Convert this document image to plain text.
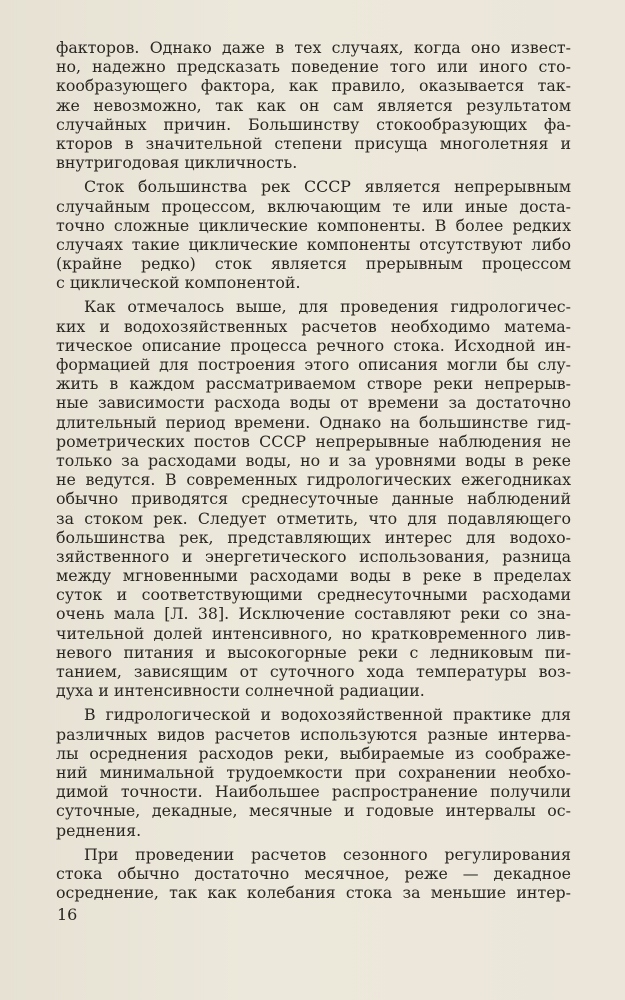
факторов. Однако даже в тех случаях, когда оно извест-
но, надежно предсказать поведение того или иного сто-
кообразующего фактора, как правило, оказывается так-
же невозможно, так как он сам является результатом
случайных причин. Большинству стокообразующих фа-
кторов в значительной степени присуща многолетняя и
внутригодовая цикличность.
Сток большинства рек СССР является непрерывным
случайным процессом, включающим те или иные доста-
точно сложные циклические компоненты. В более редких
случаях такие циклические компоненты отсутствуют либо
(крайне редко) сток является прерывным процессом
с циклической компонентой.
Как отмечалось выше, для проведения гидрологичес-
ких и водохозяйственных расчетов необходимо матема-
тическое описание процесса речного стока. Исходной ин-
формацией для построения этого описания могли бы слу-
жить в каждом рассматриваемом створе реки непрерыв-
ные зависимости расхода воды от времени за достаточно
длительный период времени. Однако на большинстве гид-
рометрических постов СССР непрерывные наблюдения не
только за расходами воды, но и за уровнями воды в реке
не ведутся. В современных гидрологических ежегодниках
обычно приводятся среднесуточные данные наблюдений
за стоком рек. Следует отметить, что для подавляющего
большинства рек, представляющих интерес для водохо-
зяйственного и энергетического использования, разница
между мгновенными расходами воды в реке в пределах
суток и соответствующими среднесуточными расходами
очень мала [Л. 38]. Исключение составляют реки со зна-
чительной долей интенсивного, но кратковременного лив-
невого питания и высокогорные реки с ледниковым пи-
танием, зависящим от суточного хода температуры воз-
духа и интенсивности солнечной радиации.
В гидрологической и водохозяйственной практике для
различных видов расчетов используются разные интерва-
лы осреднения расходов реки, выбираемые из соображе-
ний минимальной трудоемкости при сохранении необхо-
димой точности. Наибольшее распространение получили
суточные, декадные, месячные и годовые интервалы ос-
реднения.
При проведении расчетов сезонного регулирования
стока обычно достаточно месячное, реже — декадное
осреднение, так как колебания стока за меньшие интер-
16
